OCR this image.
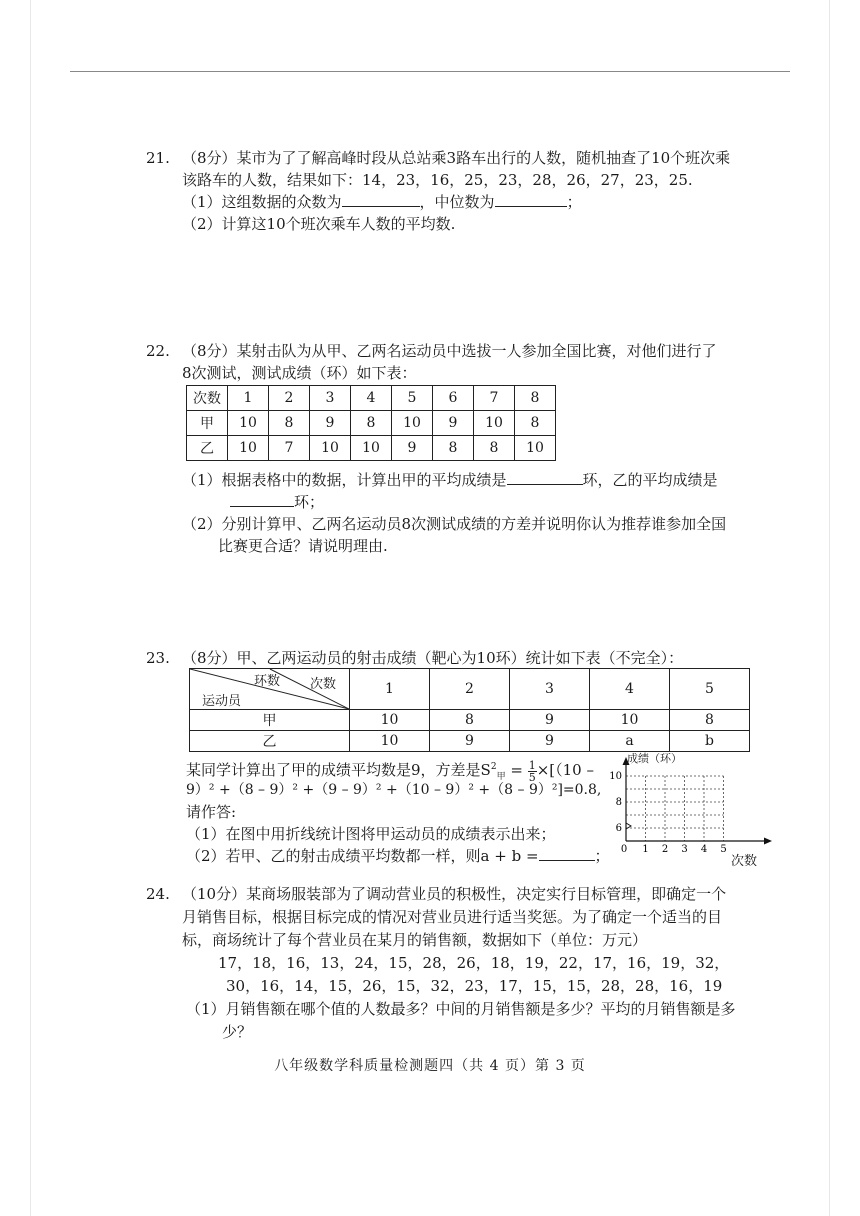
21. （8分）某市为了了解高峰时段从总站乘3路车出行的人数，随机抽查了10个班次乘
该路车的人数，结果如下：14，23，16，25，23，28，26，27，23，25.
（1）这组数据的众数为	，中位数为	；
（2）计算这10个班次乘车人数的平均数.
22. （8分）某射击队为从甲、乙两名运动员中选拔一人参加全国比赛，对他们进行了
8次测试，测试成绩（环）如下表：
次数	1	2	3	4	5	6	7	8
甲	10	8	9	8	10	9	10	8
乙	10	7	10	10	9	8	8	10
（1）根据表格中的数据，计算出甲的平均成绩是	环，乙的平均成绩是
环；
（2）分别计算甲、乙两名运动员8次测试成绩的方差并说明你认为推荐谁参加全国
比赛更合适？请说明理由.
23. （8分）甲、乙两运动员的射击成绩（靶心为10环）统计如下表（不完全）：
环数 次数
运动员	1	2	3	4	5
甲	10	8	9	10	8
乙	10	9	9	a	b
某同学计算出了甲的成绩平均数是9，方差是$S^2_甲 = \frac{1}{5} \times[(10$ –
9）² +（8 – 9）² +（9 – 9）² +（10 – 9）² +（8 – 9）²]=0.8,
请作答:
（1）在图中用折线统计图将甲运动员的成绩表示出来；
（2）若甲、乙的射击成绩平均数都一样，则a + b =	；	1 2 3 4 5
6
8
10
0
成绩（环）
次数
24. （10分）某商场服装部为了调动营业员的积极性，决定实行目标管理，即确定一个
月销售目标，根据目标完成的情况对营业员进行适当奖惩。为了确定一个适当的目
标，商场统计了每个营业员在某月的销售额，数据如下（单位：万元）
17，18，16，13，24，15，28，26，18，19，22，17，16，19，32，
30，16，14，15，26，15，32，23，17，15，15，28，28，16，19
（1）月销售额在哪个值的人数最多？中间的月销售额是多少？平均的月销售额是多
少？
八年级数学科质量检测题四（共 4 页）第 3 页
